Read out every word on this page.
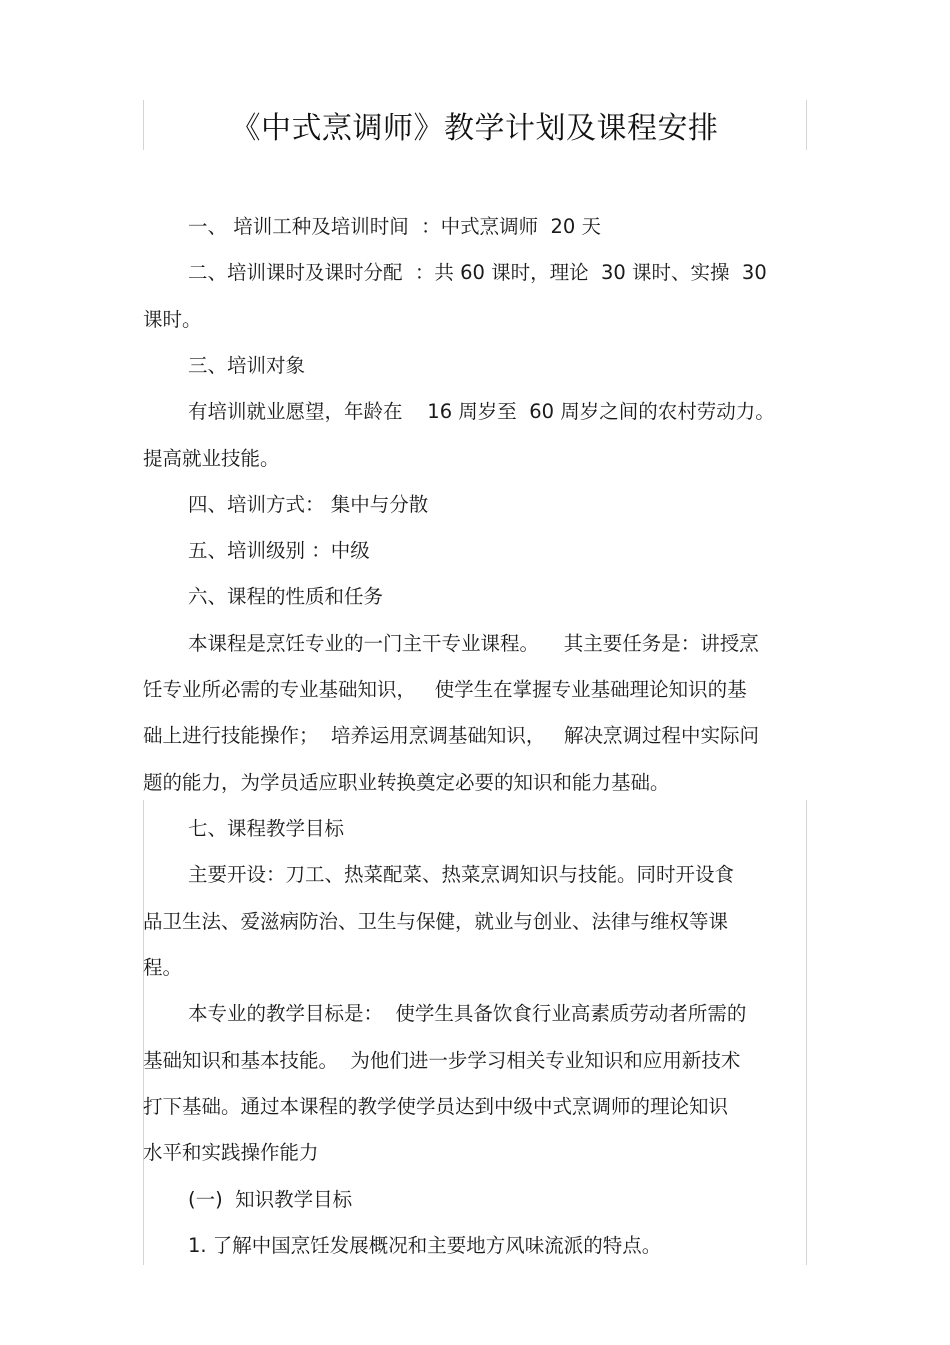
《中式烹调师》教学计划及课程安排

一、 培训工种及培训时间  ：中式烹调师  20 天

二、培训课时及课时分配  ：共 60 课时，理论  30 课时、实操  30

课时。

三、培训对象

有培训就业愿望，年龄在    16 周岁至  60 周岁之间的农村劳动力。

提高就业技能。

四、培训方式： 集中与分散

五、培训级别 ：中级

六、课程的性质和任务

本课程是烹饪专业的一门主干专业课程。    其主要任务是：讲授烹

饪专业所必需的专业基础知识，   使学生在掌握专业基础理论知识的基

础上进行技能操作；  培养运用烹调基础知识，   解决烹调过程中实际问

题的能力，为学员适应职业转换奠定必要的知识和能力基础。

七、课程教学目标

主要开设：刀工、热菜配菜、热菜烹调知识与技能。同时开设食

品卫生法、爱滋病防治、卫生与保健，就业与创业、法律与维权等课

程。

本专业的教学目标是：  使学生具备饮食行业高素质劳动者所需的

基础知识和基本技能。  为他们进一步学习相关专业知识和应用新技术

打下基础。通过本课程的教学使学员达到中级中式烹调师的理论知识

水平和实践操作能力

(一)  知识教学目标

1. 了解中国烹饪发展概况和主要地方风味流派的特点。
